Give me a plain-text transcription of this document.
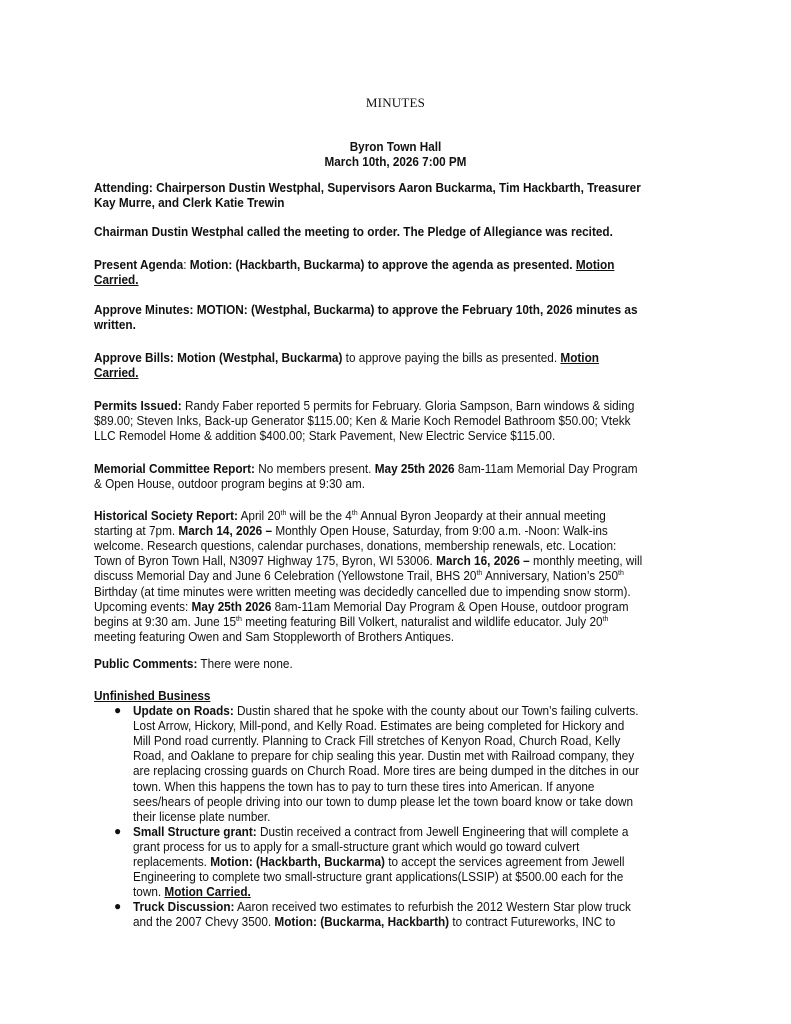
MINUTES
Byron Town Hall
March 10th, 2026 7:00 PM
Attending: Chairperson Dustin Westphal, Supervisors Aaron Buckarma, Tim Hackbarth, Treasurer
Kay Murre, and Clerk Katie Trewin
Chairman Dustin Westphal called the meeting to order. The Pledge of Allegiance was recited.
Present Agenda: Motion: (Hackbarth, Buckarma) to approve the agenda as presented. Motion
Carried.
Approve Minutes: MOTION: (Westphal, Buckarma) to approve the February 10th, 2026 minutes as
written.
Approve Bills: Motion (Westphal, Buckarma) to approve paying the bills as presented. Motion
Carried.
Permits Issued: Randy Faber reported 5 permits for February. Gloria Sampson, Barn windows & siding
$89.00; Steven Inks, Back-up Generator $115.00; Ken & Marie Koch Remodel Bathroom $50.00; Vtekk
LLC Remodel Home & addition $400.00; Stark Pavement, New Electric Service $115.00.
Memorial Committee Report: No members present. May 25th 2026 8am-11am Memorial Day Program
& Open House, outdoor program begins at 9:30 am.
Historical Society Report: April 20th will be the 4th Annual Byron Jeopardy at their annual meeting
starting at 7pm. March 14, 2026 – Monthly Open House, Saturday, from 9:00 a.m. -Noon: Walk-ins
welcome. Research questions, calendar purchases, donations, membership renewals, etc. Location:
Town of Byron Town Hall, N3097 Highway 175, Byron, WI 53006. March 16, 2026 – monthly meeting, will
discuss Memorial Day and June 6 Celebration (Yellowstone Trail, BHS 20th Anniversary, Nation’s 250th
Birthday (at time minutes were written meeting was decidedly cancelled due to impending snow storm).
Upcoming events: May 25th 2026 8am-11am Memorial Day Program & Open House, outdoor program
begins at 9:30 am. June 15th meeting featuring Bill Volkert, naturalist and wildlife educator. July 20th
meeting featuring Owen and Sam Stoppleworth of Brothers Antiques.
Public Comments: There were none.
Unfinished Business
● Update on Roads: Dustin shared that he spoke with the county about our Town’s failing culverts.
Lost Arrow, Hickory, Mill-pond, and Kelly Road. Estimates are being completed for Hickory and
Mill Pond road currently. Planning to Crack Fill stretches of Kenyon Road, Church Road, Kelly
Road, and Oaklane to prepare for chip sealing this year. Dustin met with Railroad company, they
are replacing crossing guards on Church Road. More tires are being dumped in the ditches in our
town. When this happens the town has to pay to turn these tires into American. If anyone
sees/hears of people driving into our town to dump please let the town board know or take down
their license plate number.
● Small Structure grant: Dustin received a contract from Jewell Engineering that will complete a
grant process for us to apply for a small-structure grant which would go toward culvert
replacements. Motion: (Hackbarth, Buckarma) to accept the services agreement from Jewell
Engineering to complete two small-structure grant applications(LSSIP) at $500.00 each for the
town. Motion Carried.
● Truck Discussion: Aaron received two estimates to refurbish the 2012 Western Star plow truck
and the 2007 Chevy 3500. Motion: (Buckarma, Hackbarth) to contract Futureworks, INC to
